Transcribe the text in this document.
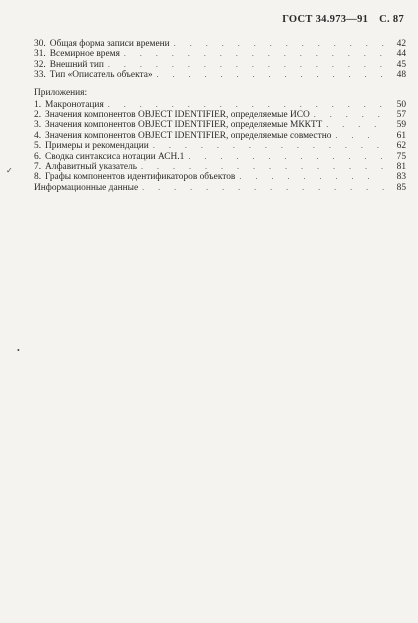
ГОСТ 34.973—91 С. 87
30. Общая форма записи времени . . .	42
31. Всемирное время . . .	44
32. Внешний тип . . .	45
33. Тип «Описатель объекта» . . .	48
Приложения:
1. Макронотация . . .	50
2. Значения компонентов OBJECT IDENTIFIER, определяемые ИСО . . .	57
3. Значения компонентов OBJECT IDENTIFIER, определяемые МККТТ . . .	59
4. Значения компонентов OBJECT IDENTIFIER, определяемые совместно . . .	61
5. Примеры и рекомендации . . .	62
6. Сводка синтаксиса нотации АСН.1 . . .	75
7. Алфавитный указатель . . .	81
8. Графы компонентов идентификаторов объектов . . .	83
Информационные данные . . .	85
✓
•
